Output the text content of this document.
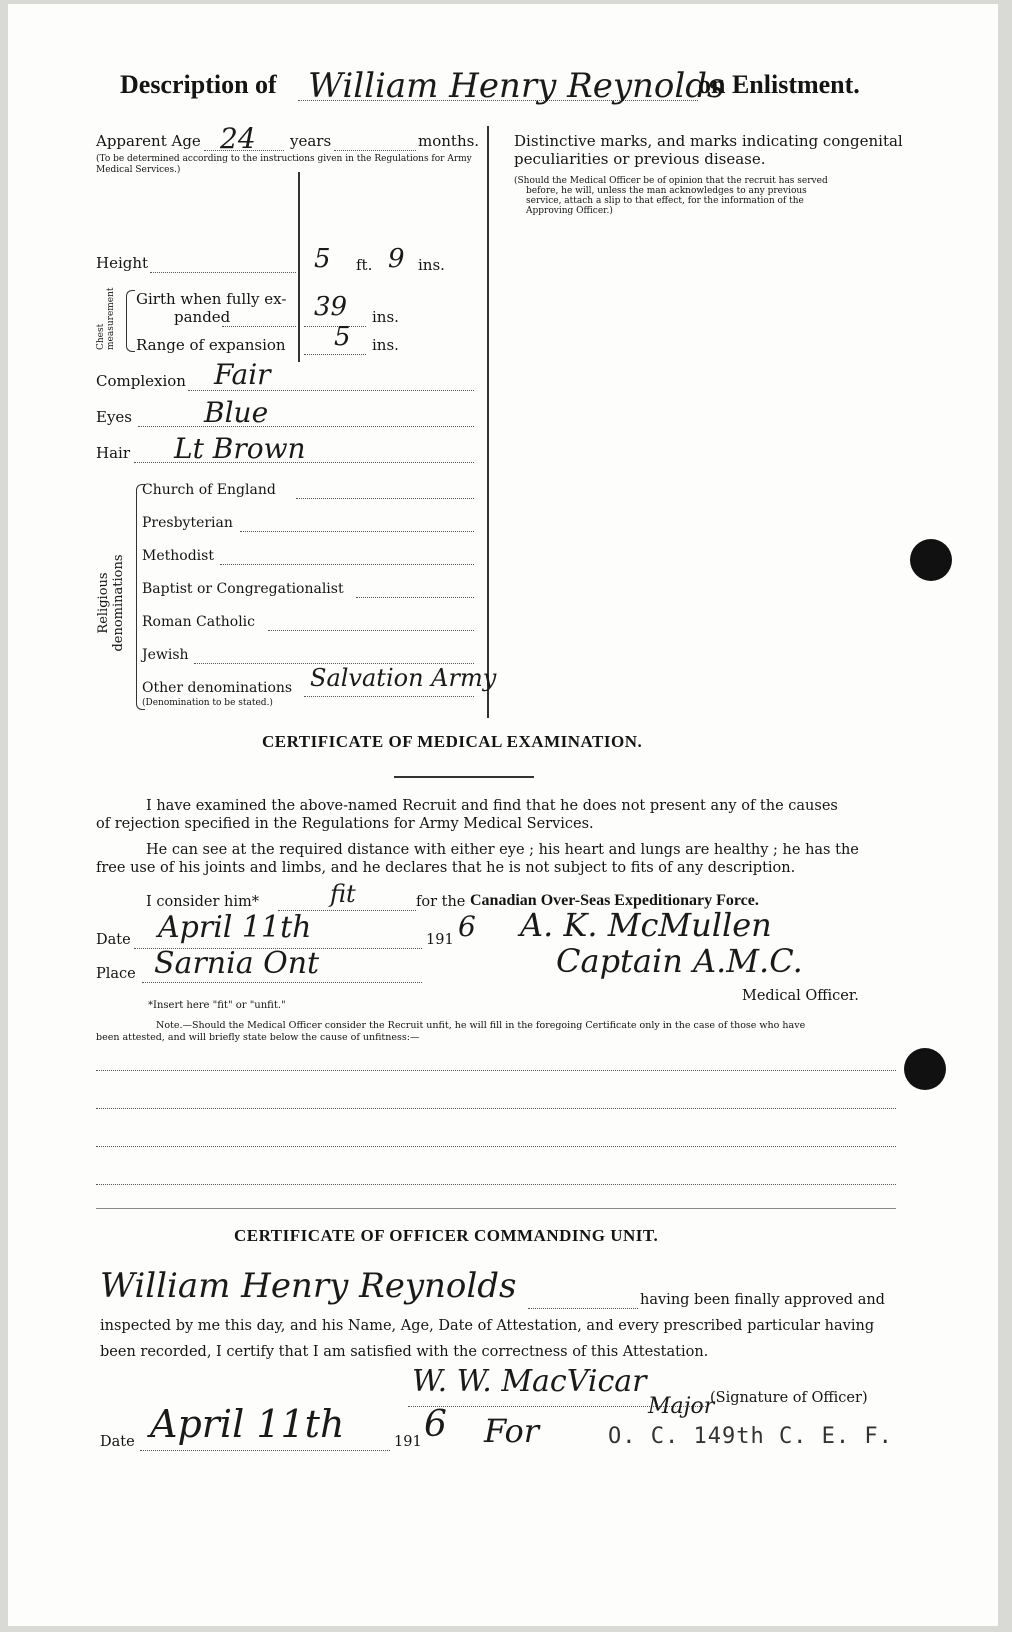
Description of William Henry Reynolds
on Enlistment.
Apparent Age 24 years	months.
(To be determined according to the instructions given in the Regulations for Army Medical Services.)
Height	5 ft. 9 ins.
Chest measurement Girth when fully ex-
panded	39 ins.
Range of expansion 5 ins.
Complexion Fair
Eyes	Blue
Hair Lt Brown
Religious denominations
Church of England
Presbyterian
Methodist
Baptist or Congregationalist
Roman Catholic
Jewish
Other denominations Salvation Army
(Denomination to be stated.)
Distinctive marks, and marks indicating congenital
peculiarities or previous disease.
(Should the Medical Officer be of opinion that the recruit has served
before, he will, unless the man acknowledges to any previous
service, attach a slip to that effect, for the information of the
Approving Officer.)
CERTIFICATE OF MEDICAL EXAMINATION.
I have examined the above-named Recruit and find that he does not present any of the causes
of rejection specified in the Regulations for Army Medical Services.
He can see at the required distance with either eye ; his heart and lungs are healthy ; he has the
free use of his joints and limbs, and he declares that he is not subject to fits of any description.
I consider him*	fit	for the Canadian Over-Seas Expeditionary Force.
Date April 11th	191 6
Place Sarnia Ont
A. K. McMullen
Captain A.M.C.
Medical Officer.
*Insert here "fit" or "unfit."
Note.—Should the Medical Officer consider the Recruit unfit, he will fill in the foregoing Certificate only in the case of those who have
been attested, and will briefly state below the cause of unfitness:—
CERTIFICATE OF OFFICER COMMANDING UNIT.
William Henry Reynolds	having been finally approved and
inspected by me this day, and his Name, Age, Date of Attestation, and every prescribed particular having
been recorded, I certify that I am satisfied with the correctness of this Attestation.
W. W. MacVicar	(Signature of Officer)
Major
Date April 11th	191 6 For	O. C. 149th C. E. F.
